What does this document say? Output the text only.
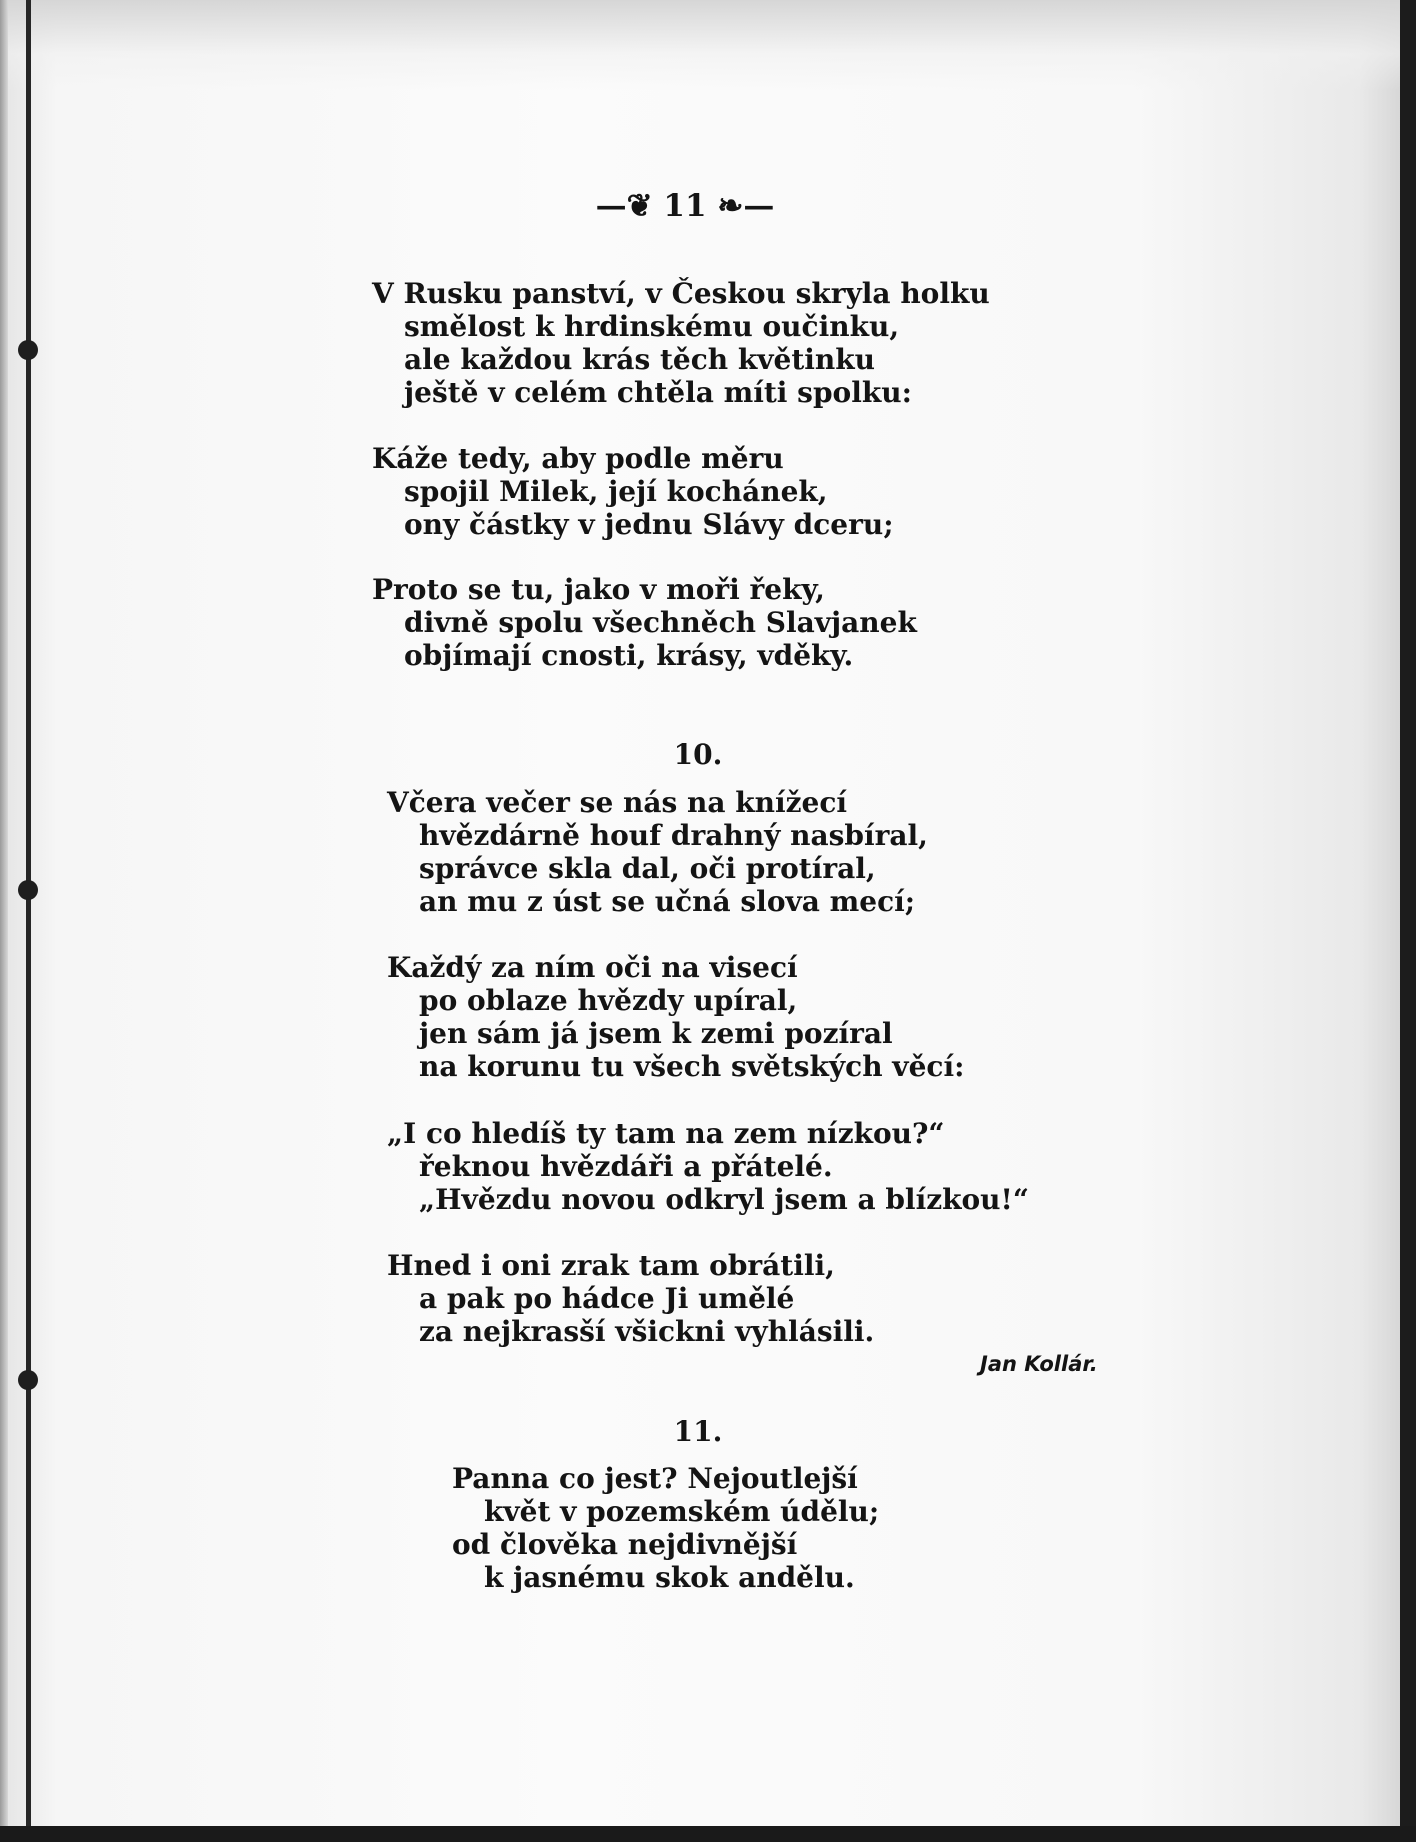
—❦ 11 ❧—
V Rusku panství, v Českou skryla holku
smělost k hrdinskému oučinku,
ale každou krás těch květinku
ještě v celém chtěla míti spolku:
Káže tedy, aby podle měru
spojil Milek, její kochánek,
ony částky v jednu Slávy dceru;
Proto se tu, jako v moři řeky,
divně spolu všechněch Slavjanek
objímají cnosti, krásy, vděky.
10.
Včera večer se nás na knížecí
hvězdárně houf drahný nasbíral,
správce skla dal, oči protíral,
an mu z úst se učná slova mecí;
Každý za ním oči na visecí
po oblaze hvězdy upíral,
jen sám já jsem k zemi pozíral
na korunu tu všech světských věcí:
„I co hledíš ty tam na zem nízkou?“
řeknou hvězdáři a přátelé.
„Hvězdu novou odkryl jsem a blízkou!“
Hned i oni zrak tam obrátili,
a pak po hádce Ji umělé
za nejkrasší všickni vyhlásili.
Jan Kollár.
11.
Panna co jest? Nejoutlejší
květ v pozemském údělu;
od člověka nejdivnější
k jasnému skok andělu.
